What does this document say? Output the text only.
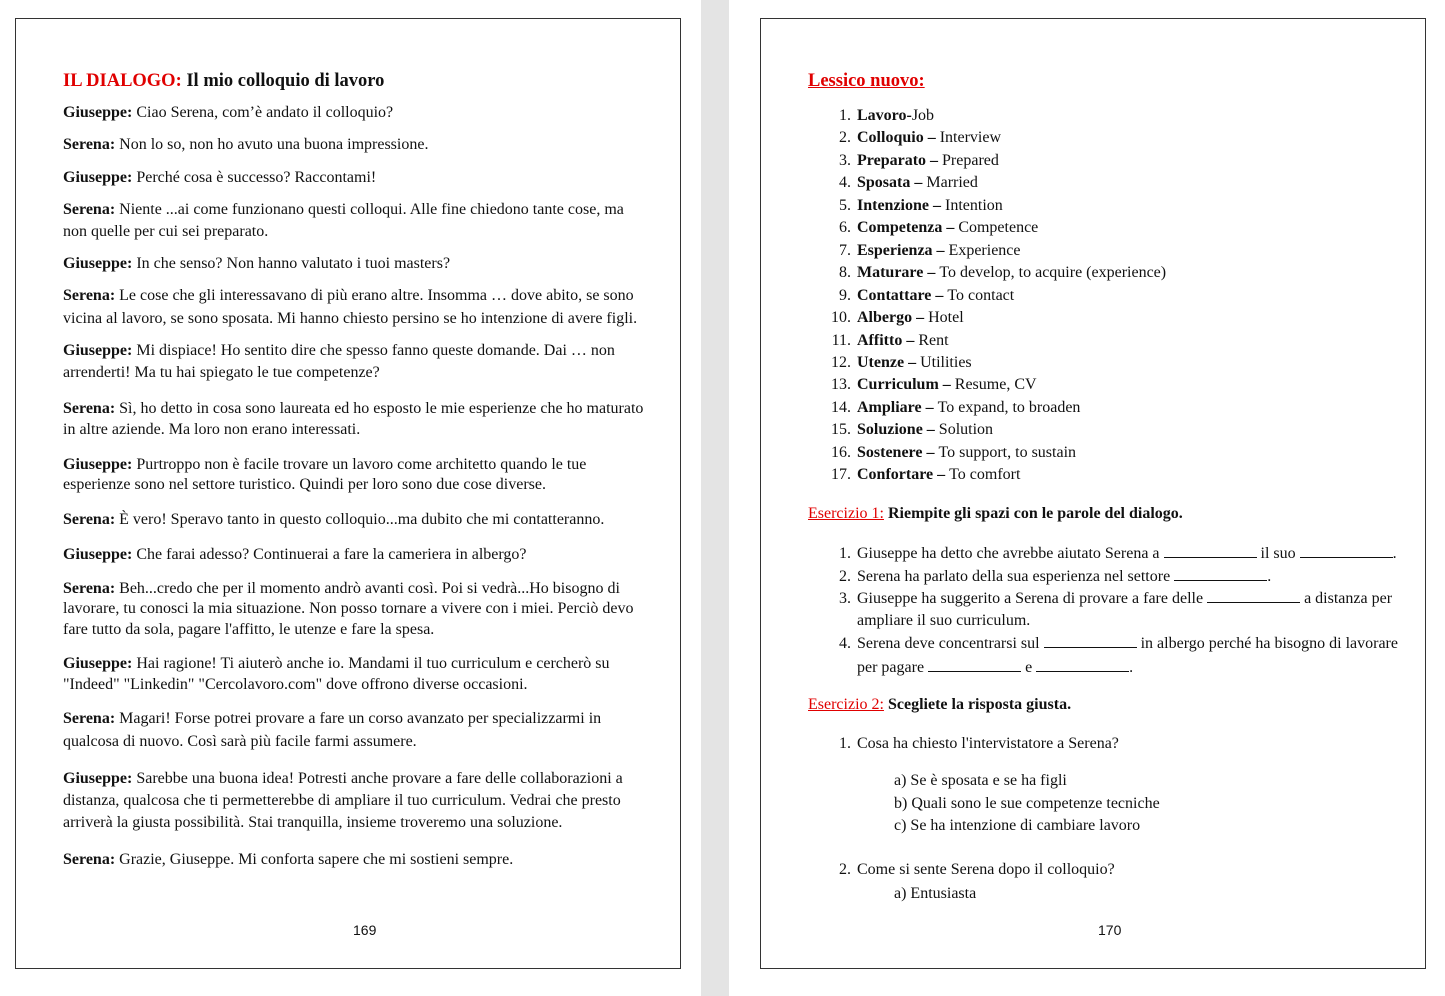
IL DIALOGO: Il mio colloquio di lavoro
Giuseppe: Ciao Serena, com’è andato il colloquio?
Serena: Non lo so, non ho avuto una buona impressione.
Giuseppe: Perché cosa è successo? Raccontami!
Serena: Niente ...ai come funzionano questi colloqui. Alle fine chiedono tante cose, ma
non quelle per cui sei preparato.
Giuseppe: In che senso? Non hanno valutato i tuoi masters?
Serena: Le cose che gli interessavano di più erano altre. Insomma … dove abito, se sono
vicina al lavoro, se sono sposata. Mi hanno chiesto persino se ho intenzione di avere figli.
Giuseppe: Mi dispiace! Ho sentito dire che spesso fanno queste domande. Dai … non
arrenderti! Ma tu hai spiegato le tue competenze?
Serena: Sì, ho detto in cosa sono laureata ed ho esposto le mie esperienze che ho maturato
in altre aziende. Ma loro non erano interessati.
Giuseppe: Purtroppo non è facile trovare un lavoro come architetto quando le tue
esperienze sono nel settore turistico. Quindi per loro sono due cose diverse.
Serena: È vero! Speravo tanto in questo colloquio...ma dubito che mi contatteranno.
Giuseppe: Che farai adesso? Continuerai a fare la cameriera in albergo?
Serena: Beh...credo che per il momento andrò avanti così. Poi si vedrà...Ho bisogno di
lavorare, tu conosci la mia situazione. Non posso tornare a vivere con i miei. Perciò devo
fare tutto da sola, pagare l'affitto, le utenze e fare la spesa.
Giuseppe: Hai ragione! Ti aiuterò anche io. Mandami il tuo curriculum e cercherò su
"Indeed" "Linkedin" "Cercolavoro.com" dove offrono diverse occasioni.
Serena: Magari! Forse potrei provare a fare un corso avanzato per specializzarmi in
qualcosa di nuovo. Così sarà più facile farmi assumere.
Giuseppe: Sarebbe una buona idea! Potresti anche provare a fare delle collaborazioni a
distanza, qualcosa che ti permetterebbe di ampliare il tuo curriculum. Vedrai che presto
arriverà la giusta possibilità. Stai tranquilla, insieme troveremo una soluzione.
Serena: Grazie, Giuseppe. Mi conforta sapere che mi sostieni sempre.
169
Lessico nuovo:
1. Lavoro-Job
2. Colloquio – Interview
3. Preparato – Prepared
4. Sposata – Married
5. Intenzione – Intention
6. Competenza – Competence
7. Esperienza – Experience
8. Maturare – To develop, to acquire (experience)
9. Contattare – To contact
10. Albergo – Hotel
11. Affitto – Rent
12. Utenze – Utilities
13. Curriculum – Resume, CV
14. Ampliare – To expand, to broaden
15. Soluzione – Solution
16. Sostenere – To support, to sustain
17. Confortare – To comfort
Esercizio 1: Riempite gli spazi con le parole del dialogo.
1. Giuseppe ha detto che avrebbe aiutato Serena a	il suo	.
2. Serena ha parlato della sua esperienza nel settore	.
3. Giuseppe ha suggerito a Serena di provare a fare delle	a distanza per
ampliare il suo curriculum.
4. Serena deve concentrarsi sul	in albergo perché ha bisogno di lavorare
per pagare	e	.
Esercizio 2: Scegliete la risposta giusta.
1. Cosa ha chiesto l'intervistatore a Serena?
a) Se è sposata e se ha figli
b) Quali sono le sue competenze tecniche
c) Se ha intenzione di cambiare lavoro
2. Come si sente Serena dopo il colloquio?
a) Entusiasta
170
